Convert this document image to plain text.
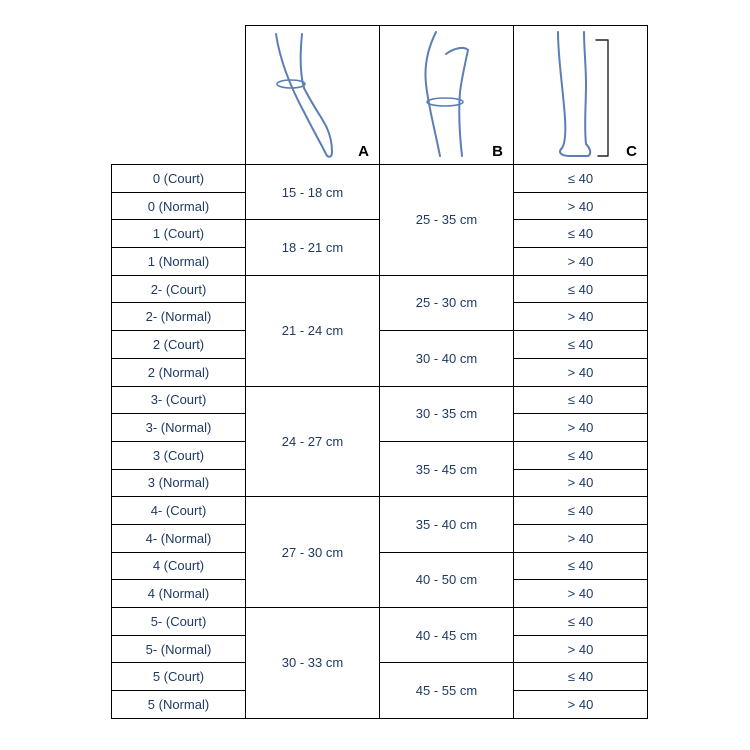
	A	B	C

0 (Court)	15 - 18 cm	25 - 35 cm	≤ 40
0 (Normal)			> 40
1 (Court)	18 - 21 cm		≤ 40
1 (Normal)			> 40
2- (Court)	21 - 24 cm	25 - 30 cm	≤ 40
2- (Normal)			> 40
2 (Court)		30 - 40 cm	≤ 40
2 (Normal)			> 40
3- (Court)	24 - 27 cm	30 - 35 cm	≤ 40
3- (Normal)			> 40
3 (Court)		35 - 45 cm	≤ 40
3 (Normal)			> 40
4- (Court)	27 - 30 cm	35 - 40 cm	≤ 40
4- (Normal)			> 40
4 (Court)		40 - 50 cm	≤ 40
4 (Normal)			> 40
5- (Court)	30 - 33 cm	40 - 45 cm	≤ 40
5- (Normal)			> 40
5 (Court)		45 - 55 cm	≤ 40
5 (Normal)			> 40
